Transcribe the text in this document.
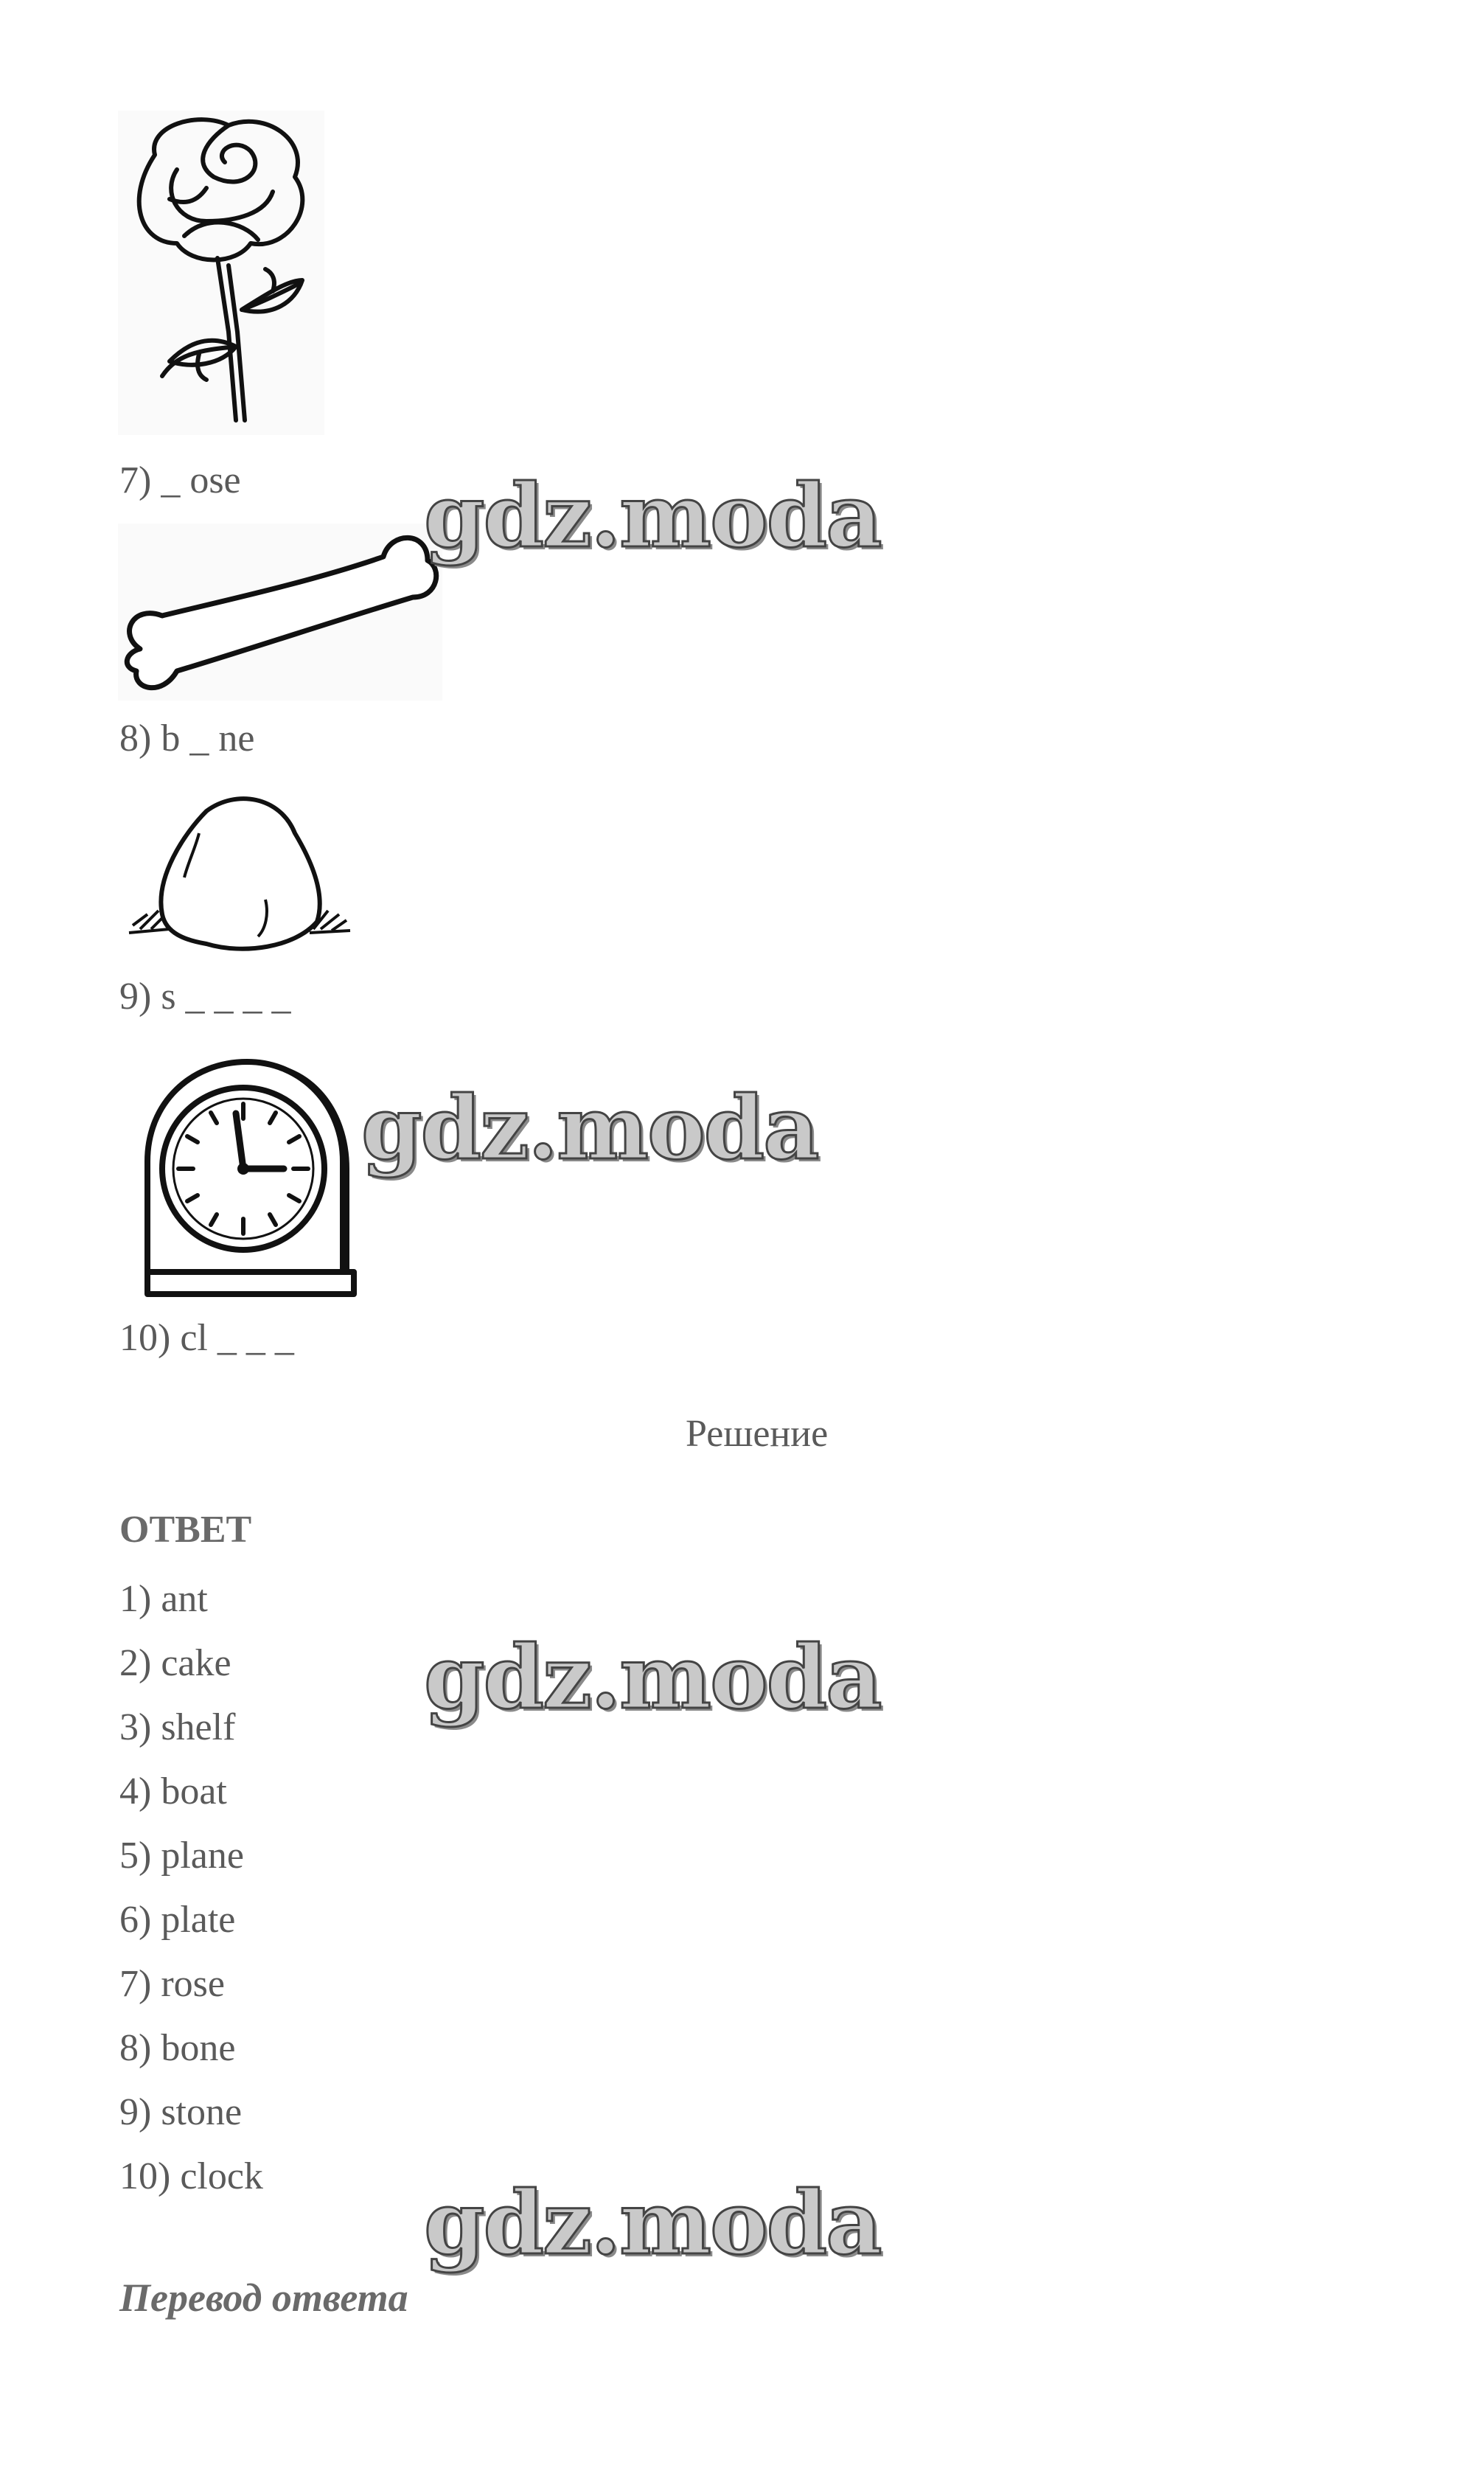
7) _ ose gdz.moda
8) b _ ne
9) s _ _ _ _
gdz.moda
10) cl _ _ _
Решение
ОТВЕТ
1) ant
2) cake
3) shelf
4) boat
5) plane
6) plate
7) rose
8) bone
9) stone
10) clock
gdz.moda
gdz.moda
Перевод ответа
